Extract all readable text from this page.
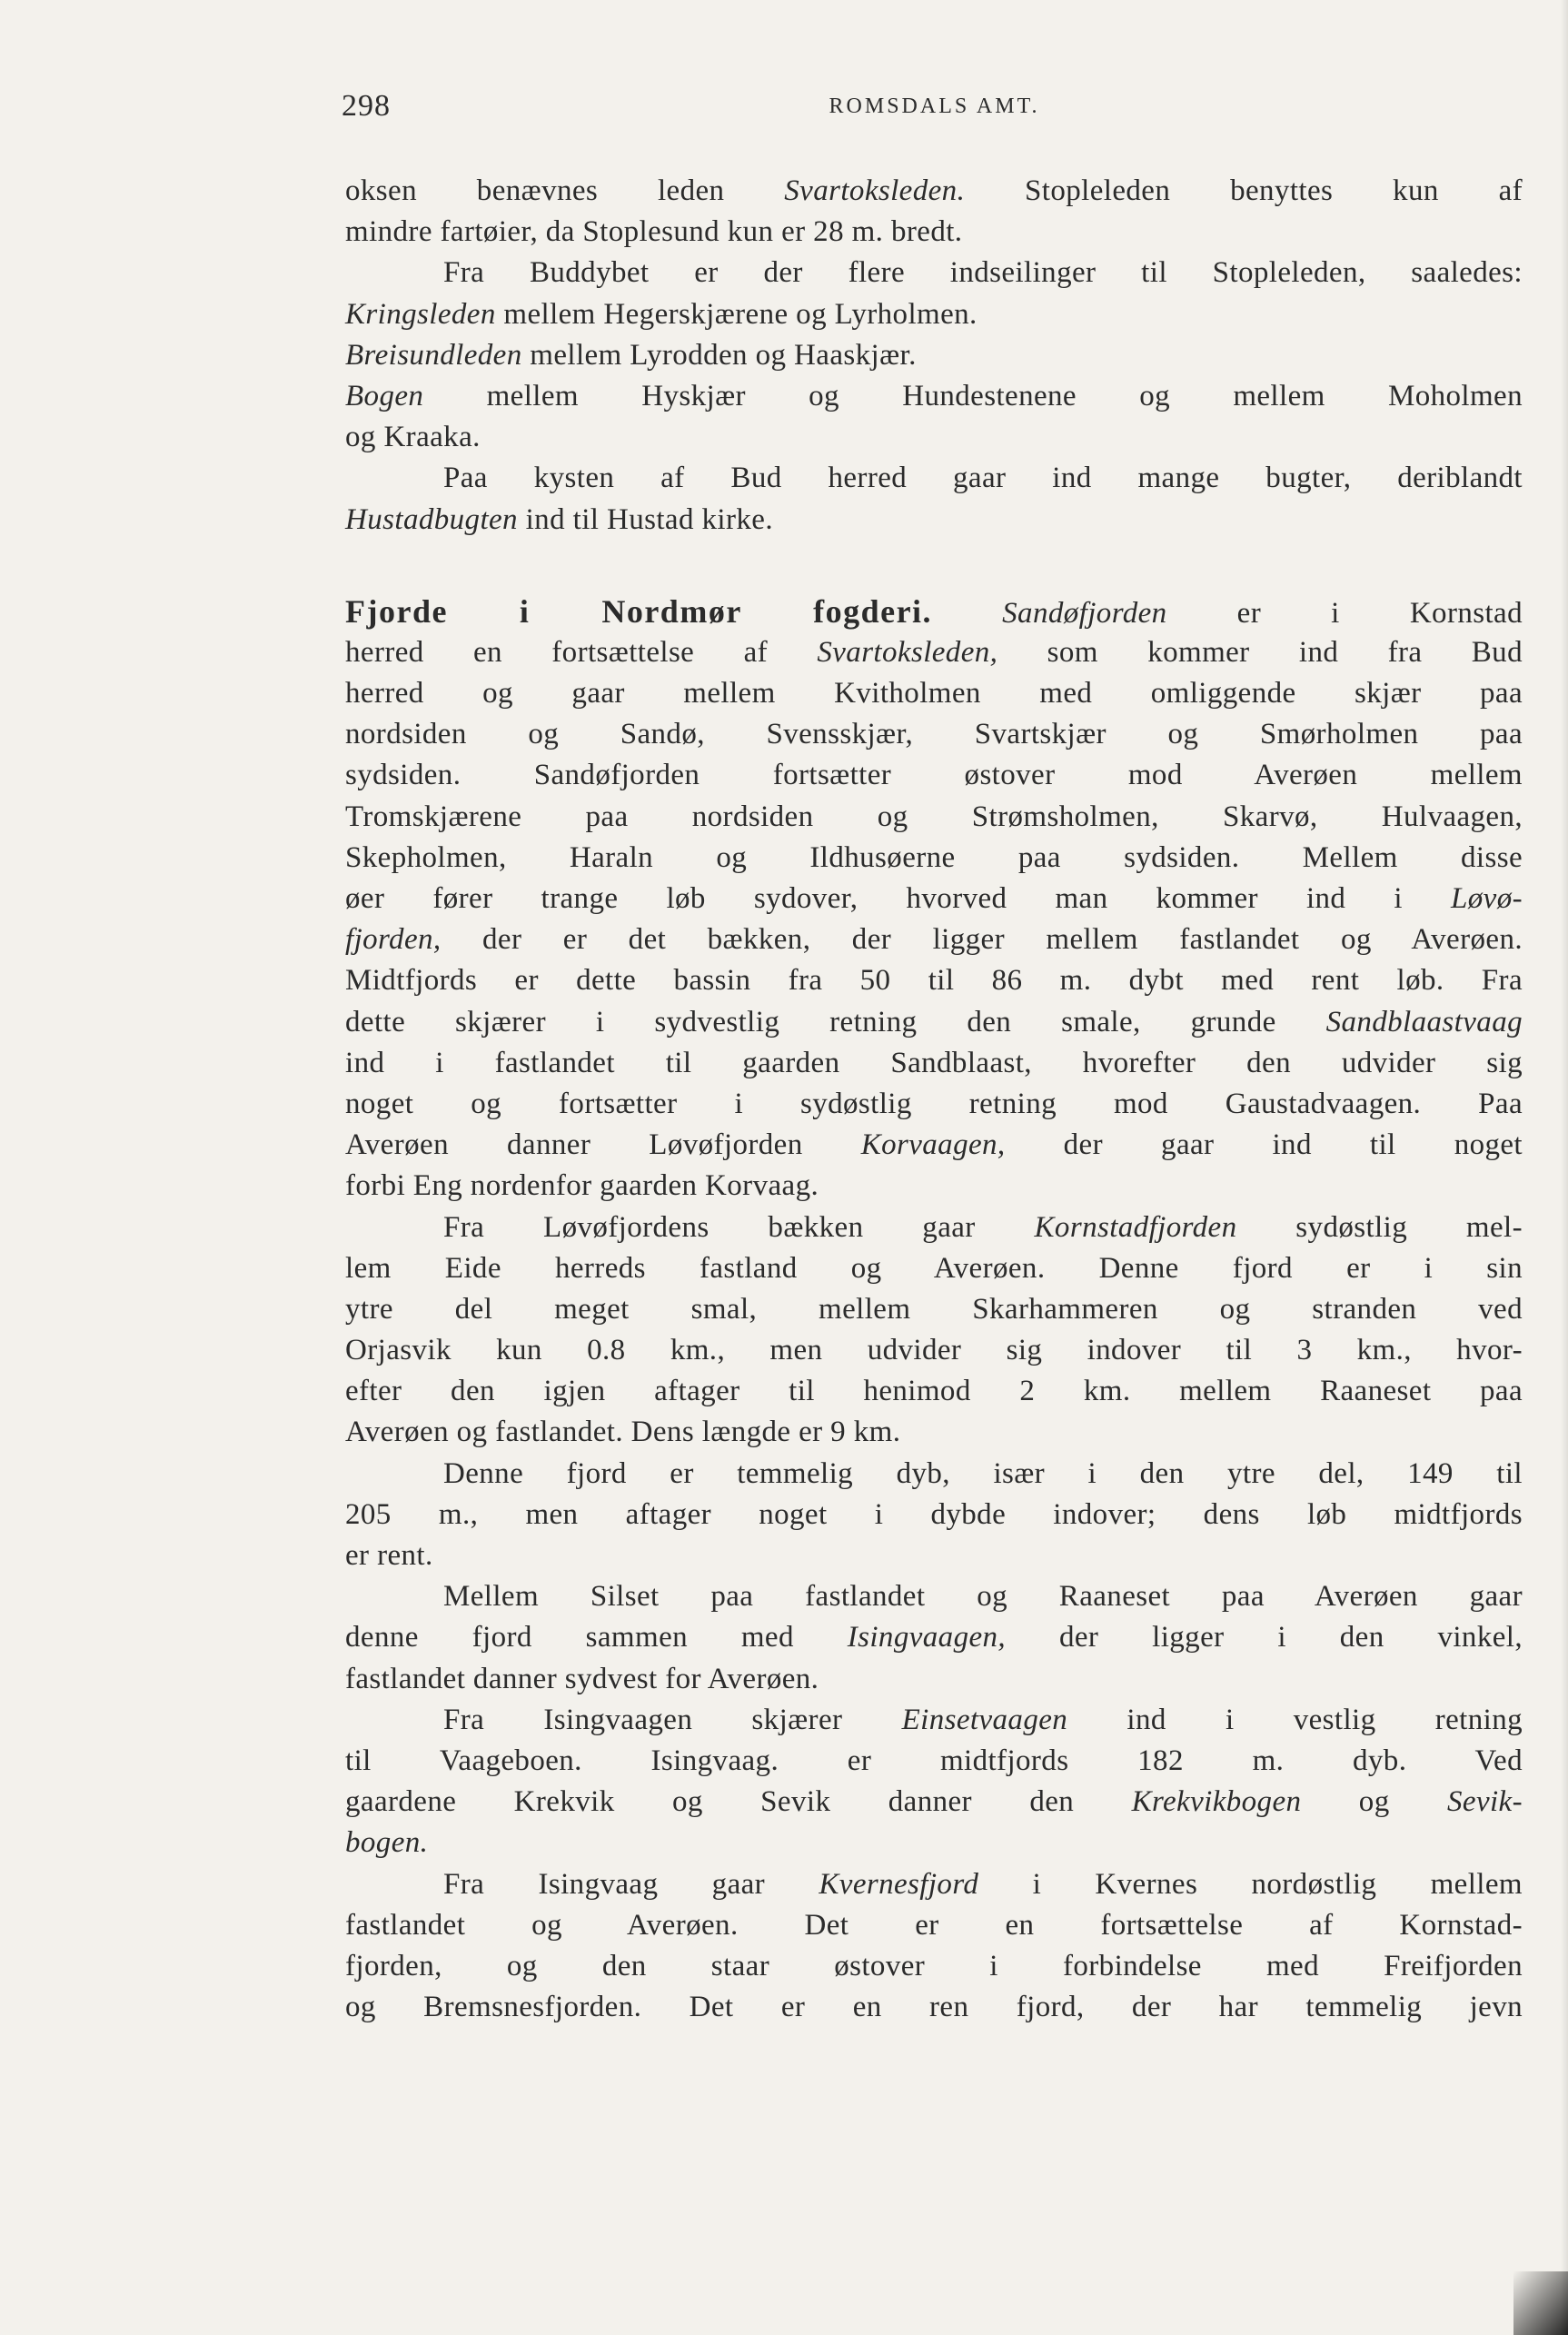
298	ROMSDALS AMT.
oksen benævnes leden Svartoksleden. Stopleleden benyttes kun af
mindre fartøier, da Stoplesund kun er 28 m. bredt.
Fra Buddybet er der flere indseilinger til Stopleleden, saaledes:
Kringsleden mellem Hegerskjærene og Lyrholmen.
Breisundleden mellem Lyrodden og Haaskjær.
Bogen mellem Hyskjær og Hundestenene og mellem Moholmen
og Kraaka.
Paa kysten af Bud herred gaar ind mange bugter, deriblandt
Hustadbugten ind til Hustad kirke.
Fjorde i Nordmør fogderi. Sandøfjorden er i Kornstad
herred en fortsættelse af Svartoksleden, som kommer ind fra Bud
herred og gaar mellem Kvitholmen med omliggende skjær paa
nordsiden og Sandø, Svensskjær, Svartskjær og Smørholmen paa
sydsiden. Sandøfjorden fortsætter østover mod Averøen mellem
Tromskjærene paa nordsiden og Strømsholmen, Skarvø, Hulvaagen,
Skepholmen, Haraln og Ildhusøerne paa sydsiden. Mellem disse
øer fører trange løb sydover, hvorved man kommer ind i Løvø-
fjorden, der er det bækken, der ligger mellem fastlandet og Averøen.
Midtfjords er dette bassin fra 50 til 86 m. dybt med rent løb. Fra
dette skjærer i sydvestlig retning den smale, grunde Sandblaastvaag
ind i fastlandet til gaarden Sandblaast, hvorefter den udvider sig
noget og fortsætter i sydøstlig retning mod Gaustadvaagen. Paa
Averøen danner Løvøfjorden Korvaagen, der gaar ind til noget
forbi Eng nordenfor gaarden Korvaag.
Fra Løvøfjordens bækken gaar Kornstadfjorden sydøstlig mel-
lem Eide herreds fastland og Averøen. Denne fjord er i sin
ytre del meget smal, mellem Skarhammeren og stranden ved
Orjasvik kun 0.8 km., men udvider sig indover til 3 km., hvor-
efter den igjen aftager til henimod 2 km. mellem Raaneset paa
Averøen og fastlandet. Dens længde er 9 km.
Denne fjord er temmelig dyb, især i den ytre del, 149 til
205 m., men aftager noget i dybde indover; dens løb midtfjords
er rent.
Mellem Silset paa fastlandet og Raaneset paa Averøen gaar
denne fjord sammen med Isingvaagen, der ligger i den vinkel,
fastlandet danner sydvest for Averøen.
Fra Isingvaagen skjærer Einsetvaagen ind i vestlig retning
til Vaageboen. Isingvaag. er midtfjords 182 m. dyb. Ved
gaardene Krekvik og Sevik danner den Krekvikbogen og Sevik-
bogen.
Fra Isingvaag gaar Kvernesfjord i Kvernes nordøstlig mellem
fastlandet og Averøen. Det er en fortsættelse af Kornstad-
fjorden, og den staar østover i forbindelse med Freifjorden
og Bremsnesfjorden. Det er en ren fjord, der har temmelig jevn
